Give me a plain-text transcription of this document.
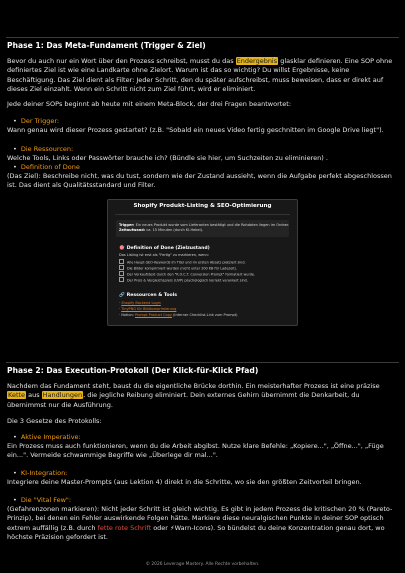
Phase 1: Das Meta-Fundament (Trigger & Ziel)

Bevor du auch nur ein Wort über den Prozess schreibst, musst du das Endergebnis glasklar definieren. Eine SOP ohne definiertes Ziel ist wie eine Landkarte ohne Zielort. Warum ist das so wichtig? Du willst Ergebnisse, keine Beschäftigung. Das Ziel dient als Filter: Jeder Schritt, den du später aufschreibst, muss beweisen, dass er direkt auf dieses Ziel einzahlt. Wenn ein Schritt nicht zum Ziel führt, wird er eliminiert.

Jede deiner SOPs beginnt ab heute mit einem Meta-Block, der drei Fragen beantwortet:

• Der Trigger:

Wann genau wird dieser Prozess gestartet? (z.B. "Sobald ein neues Video fertig geschnitten im Google Drive liegt").

• Die Ressourcen:

Welche Tools, Links oder Passwörter brauche ich? (Bündle sie hier, um Suchzeiten zu eliminieren) .

• Definition of Done

(Das Ziel): Beschreibe nicht, was du tust, sondern wie der Zustand aussieht, wenn die Aufgabe perfekt abgeschlossen ist. Das dient als Qualitätsstandard und Filter.

Shopify Produkt-Listing & SEO-Optimierung
Trigger: Ein neues Produkt wurde vom Lieferanten bestätigt und die Rohdaten liegen im Ordner.
Zeitaufwand: ca. 15 Minuten (durch KI-Hebel).
🎯 Definition of Done (Zielzustand)
Das Listing ist erst als "Fertig" zu markieren, wenn:
Alle Haupt-SEO-Keywords im Titel und im ersten Absatz platziert sind.
Die Bilder komprimiert wurden (nicht unter 200 KB für Ladezeit).
Der Verkaufstext durch den "R.O.C.T. Conversion Prompt" formatiert wurde.
Der Preis & Vergleichspreis (UVP) psychologisch korrekt verankert sind.
🔗 Ressourcen & Tools
· Shopify Backend Login
· TinyPNG für Bildkomprimierung
· Notion: Prompt Product Copy (Interner Checklist-Link zum Prompt)
Phase 2: Das Execution-Protokoll (Der Klick-für-Klick Pfad)

Nachdem das Fundament steht, baust du die eigentliche Brücke dorthin. Ein meisterhafter Prozess ist eine präzise Kette aus Handlungen, die jegliche Reibung eliminiert. Dein externes Gehirn übernimmt die Denkarbeit, du übernimmst nur die Ausführung.

Die 3 Gesetze des Protokolls:

• Aktive Imperative:

Ein Prozess muss auch funktionieren, wenn du die Arbeit abgibst. Nutze klare Befehle: „Kopiere...", „Öffne...", „Füge ein...". Vermeide schwammige Begriffe wie „Überlege dir mal...".

• KI-Integration:

Integriere deine Master-Prompts (aus Lektion 4) direkt in die Schritte, wo sie den größten Zeitvorteil bringen.

• Die "Vital Few":

(Gefahrenzonen markieren): Nicht jeder Schritt ist gleich wichtig. Es gibt in jedem Prozess die kritischen 20 % (Pareto-Prinzip), bei denen ein Fehler auswirkende Folgen hätte. Markiere diese neuralgischen Punkte in deiner SOP optisch extrem auffällig (z.B. durch fette rote Schrift oder ⚡Warn-Icons). So bündelst du deine Konzentration genau dort, wo höchste Präzision gefordert ist.

© 2026 Leverage Mastery. Alle Rechte vorbehalten.
